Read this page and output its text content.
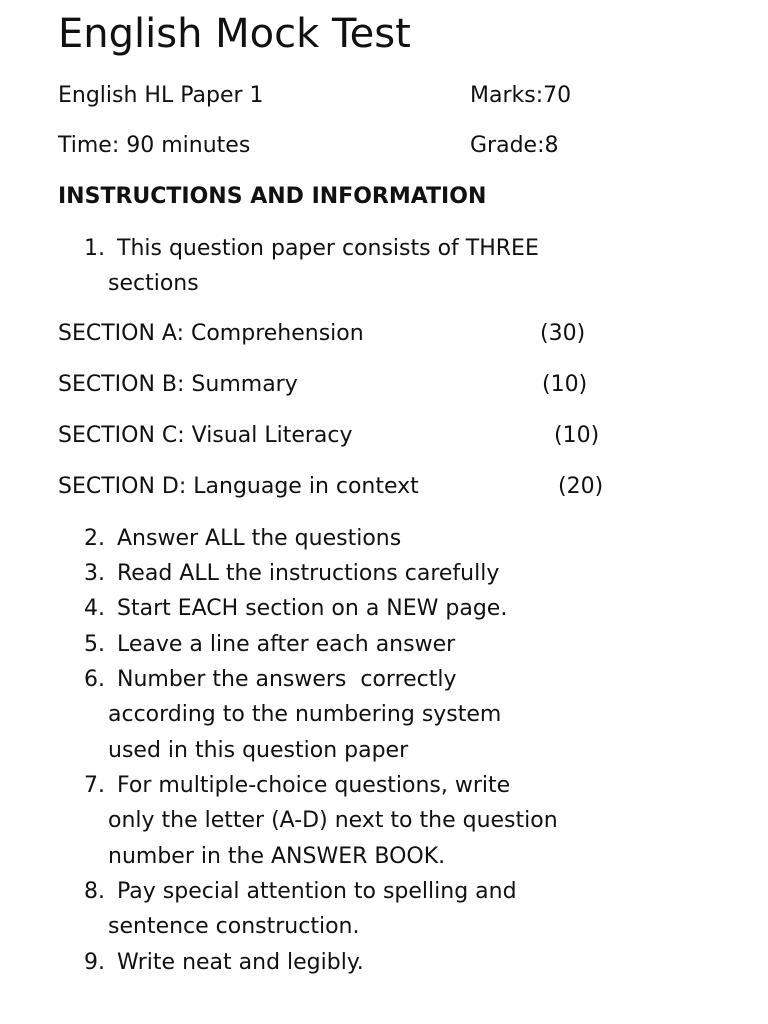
English Mock Test
English HL Paper 1	Marks:70
Time: 90 minutes	Grade:8
INSTRUCTIONS AND INFORMATION
1. This question paper consists of THREE
sections
SECTION A: Comprehension	(30)
SECTION B: Summary	(10)
SECTION C: Visual Literacy	(10)
SECTION D: Language in context	(20)
2. Answer ALL the questions
3. Read ALL the instructions carefully
4. Start EACH section on a NEW page.
5. Leave a line after each answer
6. Number the answers  correctly
according to the numbering system
used in this question paper
7. For multiple-choice questions, write
only the letter (A-D) next to the question
number in the ANSWER BOOK.
8. Pay special attention to spelling and
sentence construction.
9. Write neat and legibly.
